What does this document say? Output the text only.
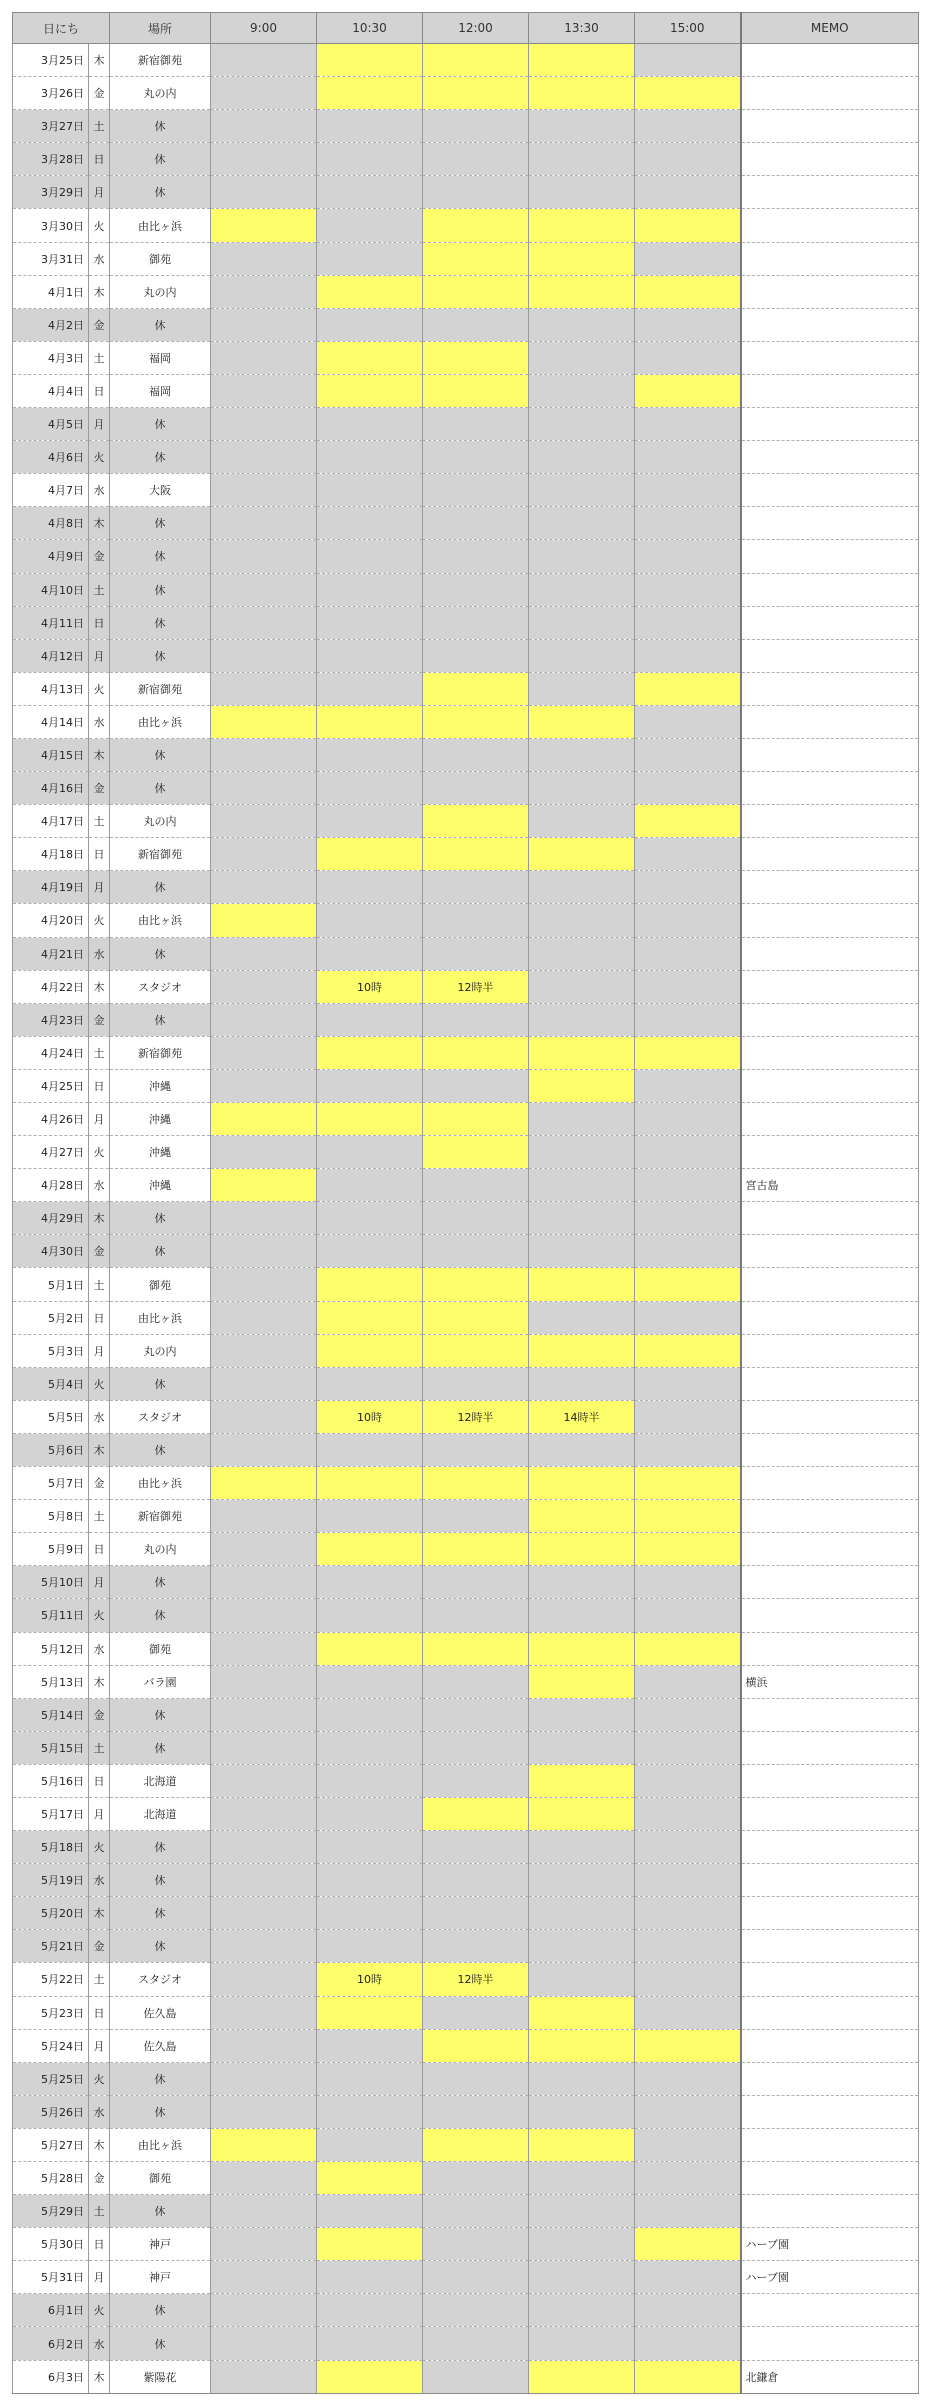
日にち		場所	9:00	10:30	12:00	13:30	15:00	MEMO
3月25日	木	新宿御苑						
3月26日	金	丸の内						
3月27日	土	休						
3月28日	日	休						
3月29日	月	休						
3月30日	火	由比ヶ浜						
3月31日	水	御苑						
4月1日	木	丸の内						
4月2日	金	休						
4月3日	土	福岡						
4月4日	日	福岡						
4月5日	月	休						
4月6日	火	休						
4月7日	水	大阪						
4月8日	木	休						
4月9日	金	休						
4月10日	土	休						
4月11日	日	休						
4月12日	月	休						
4月13日	火	新宿御苑						
4月14日	水	由比ヶ浜						
4月15日	木	休						
4月16日	金	休						
4月17日	土	丸の内						
4月18日	日	新宿御苑						
4月19日	月	休						
4月20日	火	由比ヶ浜						
4月21日	水	休						
4月22日	木	スタジオ		10時	12時半			
4月23日	金	休						
4月24日	土	新宿御苑						
4月25日	日	沖縄						
4月26日	月	沖縄						
4月27日	火	沖縄						
4月28日	水	沖縄						宮古島
4月29日	木	休						
4月30日	金	休						
5月1日	土	御苑						
5月2日	日	由比ヶ浜						
5月3日	月	丸の内						
5月4日	火	休						
5月5日	水	スタジオ		10時	12時半	14時半		
5月6日	木	休						
5月7日	金	由比ヶ浜						
5月8日	土	新宿御苑						
5月9日	日	丸の内						
5月10日	月	休						
5月11日	火	休						
5月12日	水	御苑						
5月13日	木	バラ園						横浜
5月14日	金	休						
5月15日	土	休						
5月16日	日	北海道						
5月17日	月	北海道						
5月18日	火	休						
5月19日	水	休						
5月20日	木	休						
5月21日	金	休						
5月22日	土	スタジオ		10時	12時半			
5月23日	日	佐久島						
5月24日	月	佐久島						
5月25日	火	休						
5月26日	水	休						
5月27日	木	由比ヶ浜						
5月28日	金	御苑						
5月29日	土	休						
5月30日	日	神戸						ハーブ園
5月31日	月	神戸						ハーブ園
6月1日	火	休						
6月2日	水	休						
6月3日	木	紫陽花						北鎌倉
